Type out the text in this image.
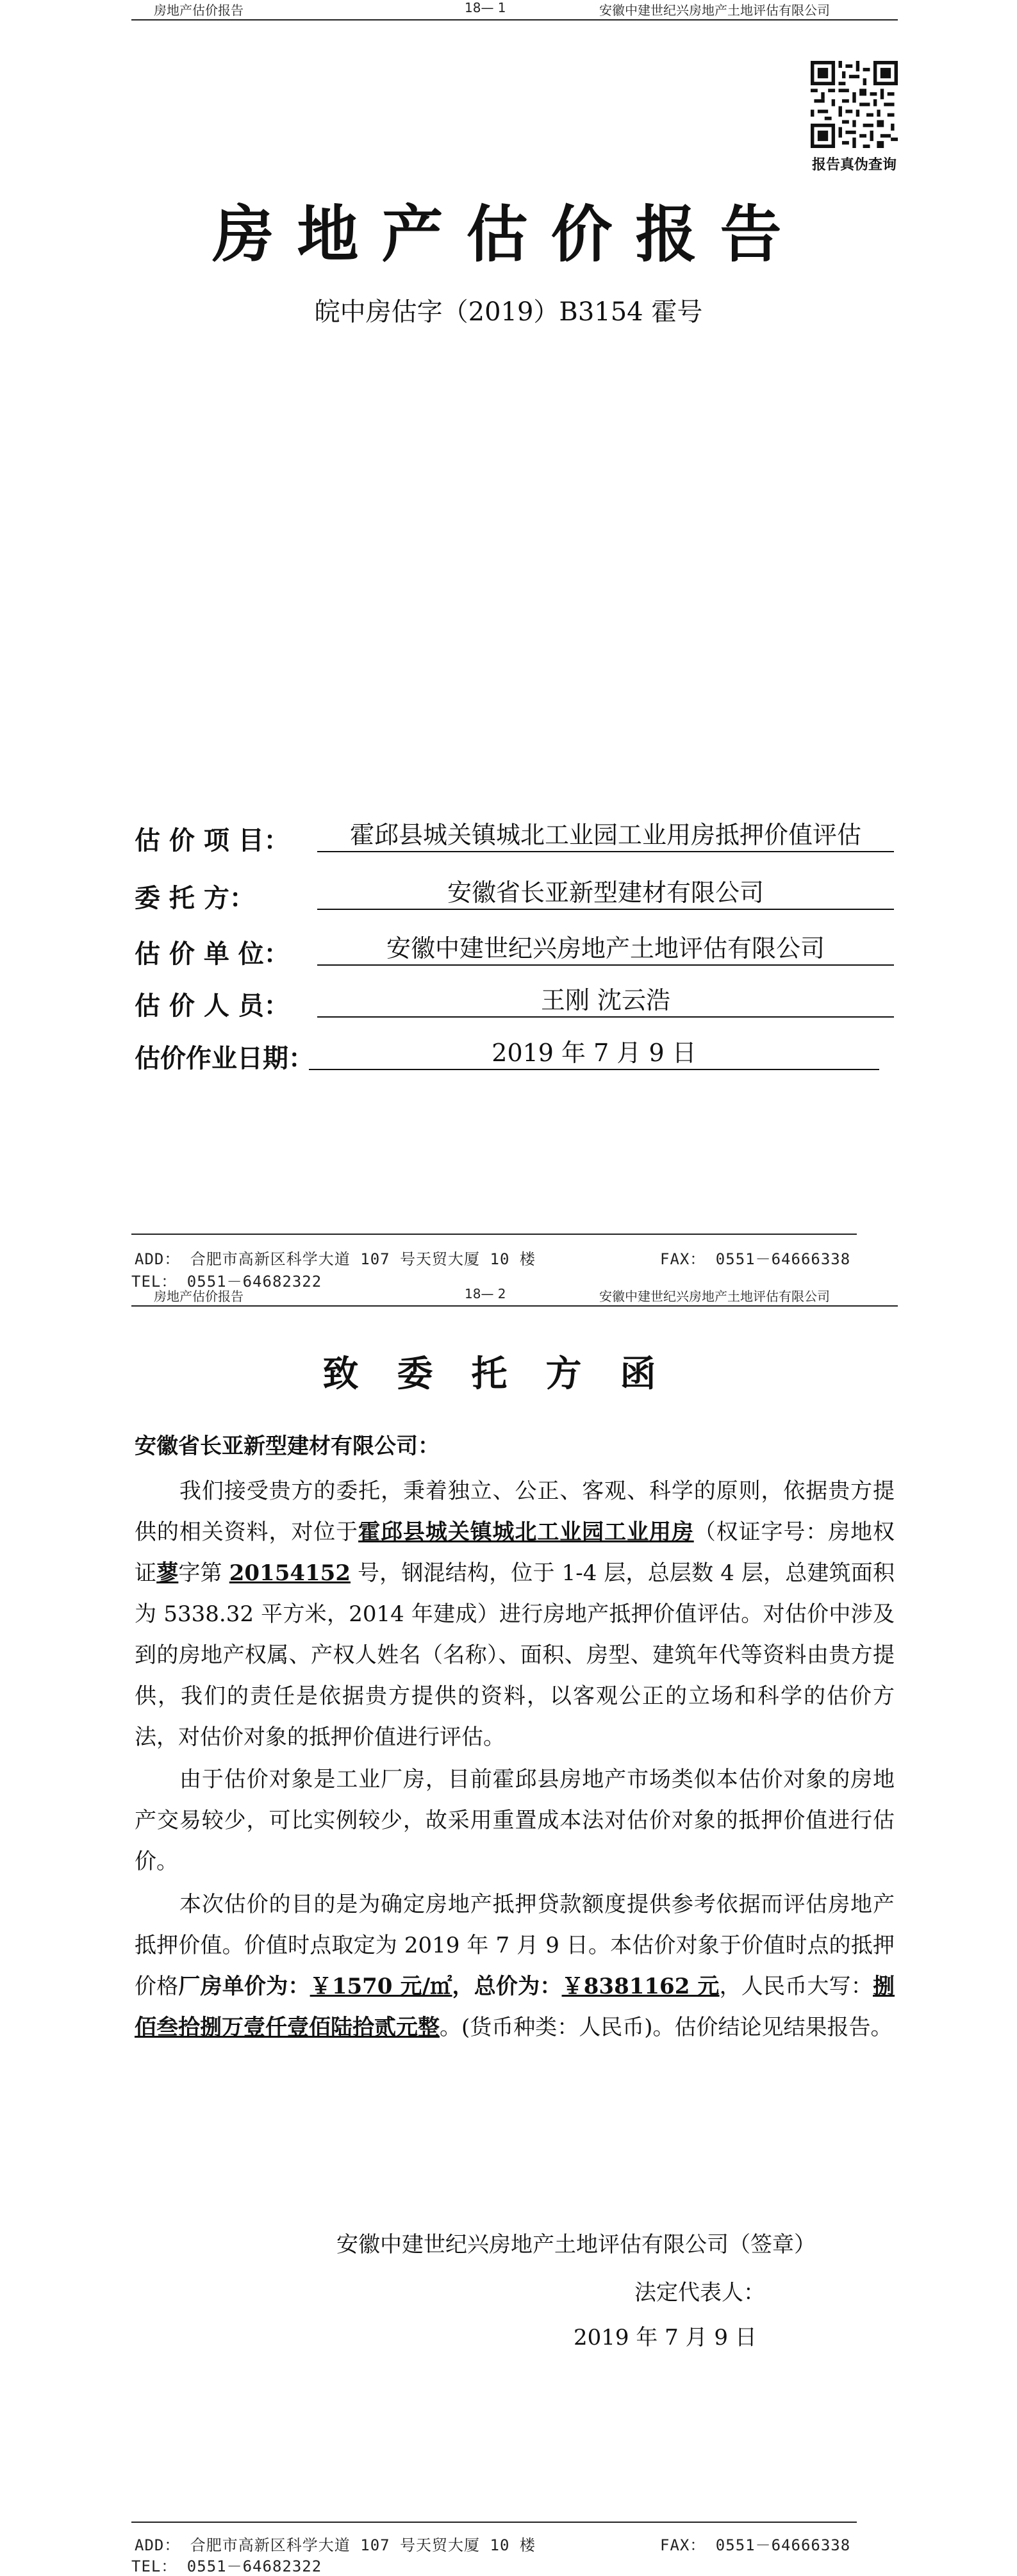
房地产估价报告	18— 1	安徽中建世纪兴房地产土地评估有限公司
报告真伪查询
房地产估价报告
皖中房估字（2019）B3154 霍号
估 价 项 目：	霍邱县城关镇城北工业园工业用房抵押价值评估
委 托 方：	安徽省长亚新型建材有限公司
估 价 单 位：	安徽中建世纪兴房地产土地评估有限公司
估 价 人 员：	王刚 沈云浩
估价作业日期：	2019 年 7 月 9 日
ADD： 合肥市高新区科学大道 107 号天贸大厦 10 楼	FAX： 0551－64666338
TEL： 0551－64682322
房地产估价报告	18— 2	安徽中建世纪兴房地产土地评估有限公司
致委托方函
安徽省长亚新型建材有限公司：
我们接受贵方的委托，秉着独立、公正、客观、科学的原则，依据贵方提供的相关资料，对位于霍邱县城关镇城北工业园工业用房（权证字号：房地权证蓼字第 20154152 号，钢混结构，位于 1-4 层，总层数 4 层，总建筑面积为 5338.32 平方米，2014 年建成）进行房地产抵押价值评估。对估价中涉及到的房地产权属、产权人姓名（名称）、面积、房型、建筑年代等资料由贵方提供，我们的责任是依据贵方提供的资料，以客观公正的立场和科学的估价方法，对估价对象的抵押价值进行评估。
由于估价对象是工业厂房，目前霍邱县房地产市场类似本估价对象的房地产交易较少，可比实例较少，故采用重置成本法对估价对象的抵押价值进行估价。
本次估价的目的是为确定房地产抵押贷款额度提供参考依据而评估房地产抵押价值。价值时点取定为 2019 年 7 月 9 日。本估价对象于价值时点的抵押价格厂房单价为：￥1570 元/㎡，总价为：￥8381162 元，人民币大写：捌佰叁拾捌万壹仟壹佰陆拾贰元整。(货币种类：人民币)。估价结论见结果报告。
安徽中建世纪兴房地产土地评估有限公司（签章）
法定代表人：
2019 年 7 月 9 日
ADD： 合肥市高新区科学大道 107 号天贸大厦 10 楼	FAX： 0551－64666338
TEL： 0551－64682322
